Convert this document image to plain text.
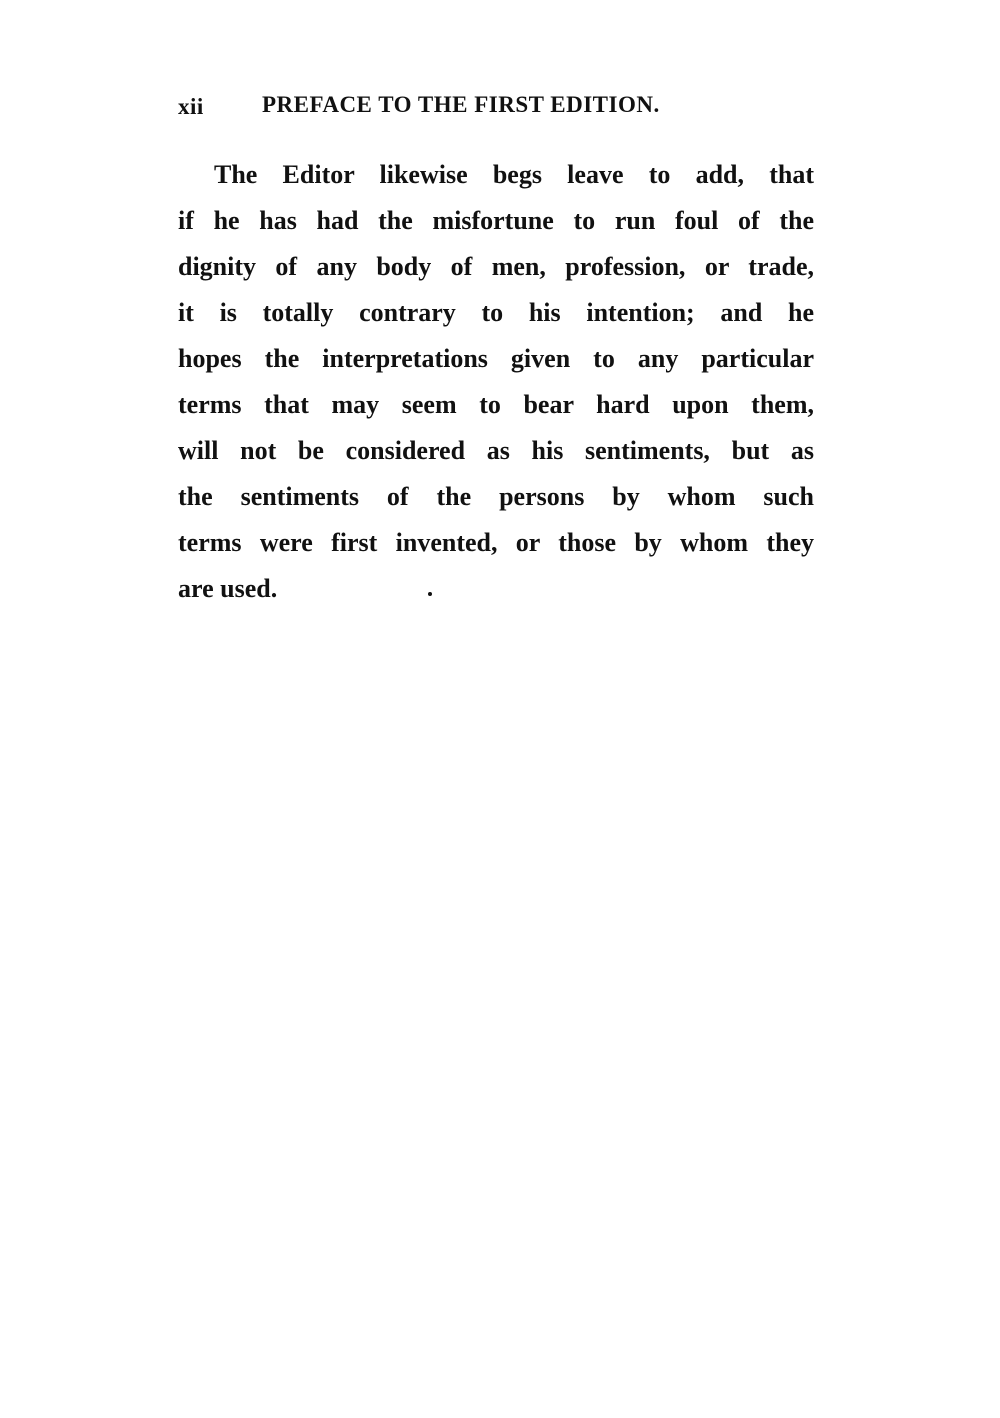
xii	PREFACE TO THE FIRST EDITION.
The Editor likewise begs leave to add, that
if he has had the misfortune to run foul of the
dignity of any body of men, profession, or trade,
it is totally contrary to his intention; and he
hopes the interpretations given to any particular
terms that may seem to bear hard upon them,
will not be considered as his sentiments, but as
the sentiments of the persons by whom such
terms were first invented, or those by whom they
are used.
